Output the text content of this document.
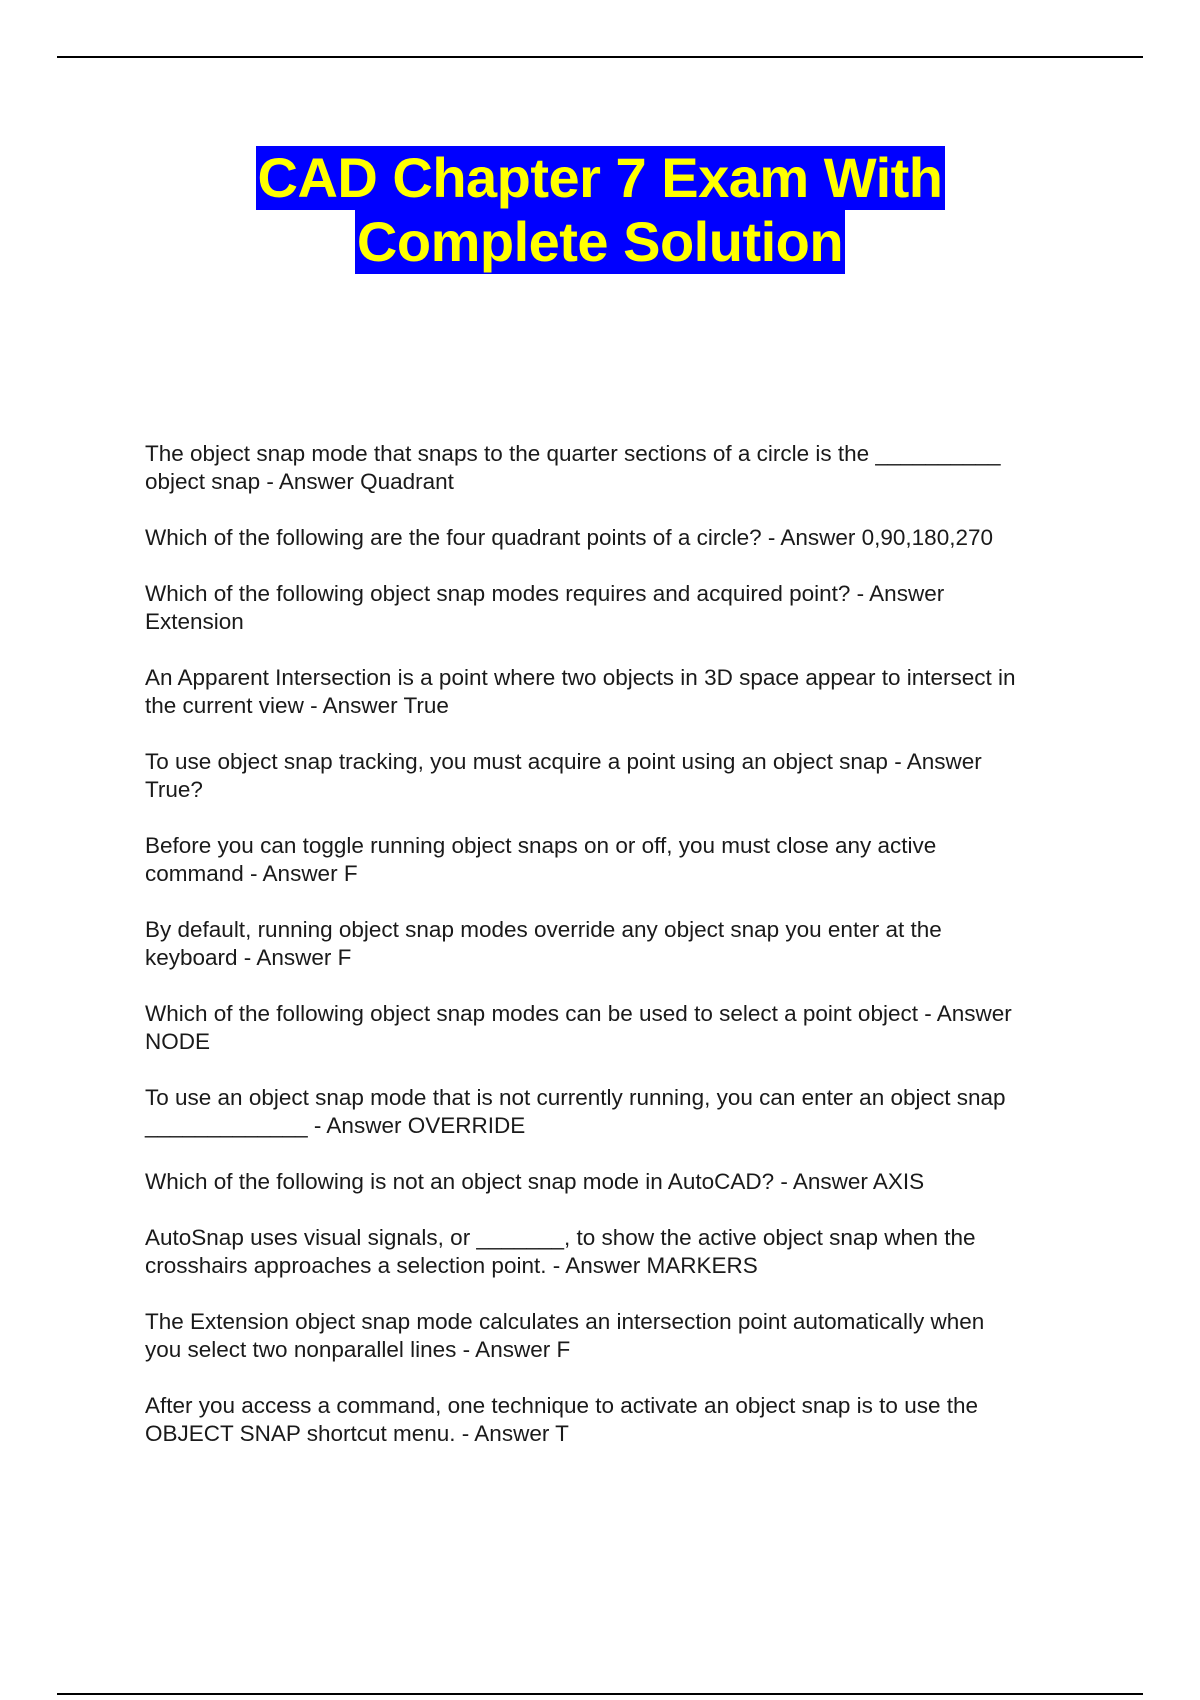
CAD Chapter 7 Exam With
Complete Solution
The object snap mode that snaps to the quarter sections of a circle is the __________
object snap - Answer Quadrant
Which of the following are the four quadrant points of a circle? - Answer 0,90,180,270
Which of the following object snap modes requires and acquired point? - Answer
Extension
An Apparent Intersection is a point where two objects in 3D space appear to intersect in
the current view - Answer True
To use object snap tracking, you must acquire a point using an object snap - Answer
True?
Before you can toggle running object snaps on or off, you must close any active
command - Answer F
By default, running object snap modes override any object snap you enter at the
keyboard - Answer F
Which of the following object snap modes can be used to select a point object - Answer
NODE
To use an object snap mode that is not currently running, you can enter an object snap
_____________ - Answer OVERRIDE
Which of the following is not an object snap mode in AutoCAD? - Answer AXIS
AutoSnap uses visual signals, or _______, to show the active object snap when the
crosshairs approaches a selection point. - Answer MARKERS
The Extension object snap mode calculates an intersection point automatically when
you select two nonparallel lines - Answer F
After you access a command, one technique to activate an object snap is to use the
OBJECT SNAP shortcut menu. - Answer T
